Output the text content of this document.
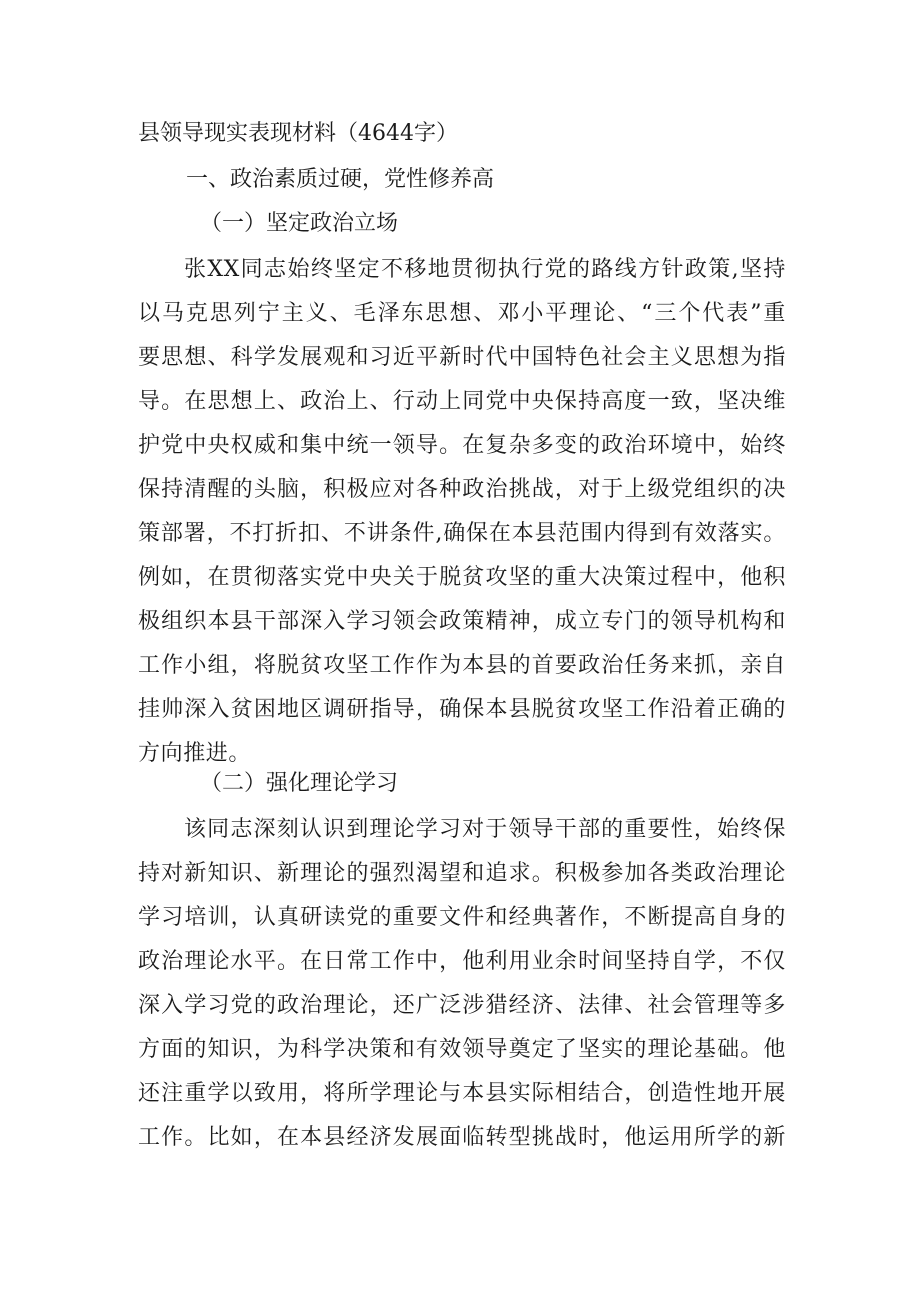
县领导现实表现材料（4644字）
一、政治素质过硬，党性修养高
（一）坚定政治立场
张XX同志始终坚定不移地贯彻执行党的路线方针政策,坚持
以马克思列宁主义、毛泽东思想、邓小平理论、“三个代表”重
要思想、科学发展观和习近平新时代中国特色社会主义思想为指
导。在思想上、政治上、行动上同党中央保持高度一致，坚决维
护党中央权威和集中统一领导。在复杂多变的政治环境中，始终
保持清醒的头脑，积极应对各种政治挑战，对于上级党组织的决
策部署，不打折扣、不讲条件,确保在本县范围内得到有效落实。
例如，在贯彻落实党中央关于脱贫攻坚的重大决策过程中，他积
极组织本县干部深入学习领会政策精神，成立专门的领导机构和
工作小组，将脱贫攻坚工作作为本县的首要政治任务来抓，亲自
挂帅深入贫困地区调研指导，确保本县脱贫攻坚工作沿着正确的
方向推进。
（二）强化理论学习
该同志深刻认识到理论学习对于领导干部的重要性，始终保
持对新知识、新理论的强烈渴望和追求。积极参加各类政治理论
学习培训，认真研读党的重要文件和经典著作，不断提高自身的
政治理论水平。在日常工作中，他利用业余时间坚持自学，不仅
深入学习党的政治理论，还广泛涉猎经济、法律、社会管理等多
方面的知识，为科学决策和有效领导奠定了坚实的理论基础。他
还注重学以致用，将所学理论与本县实际相结合，创造性地开展
工作。比如，在本县经济发展面临转型挑战时，他运用所学的新
